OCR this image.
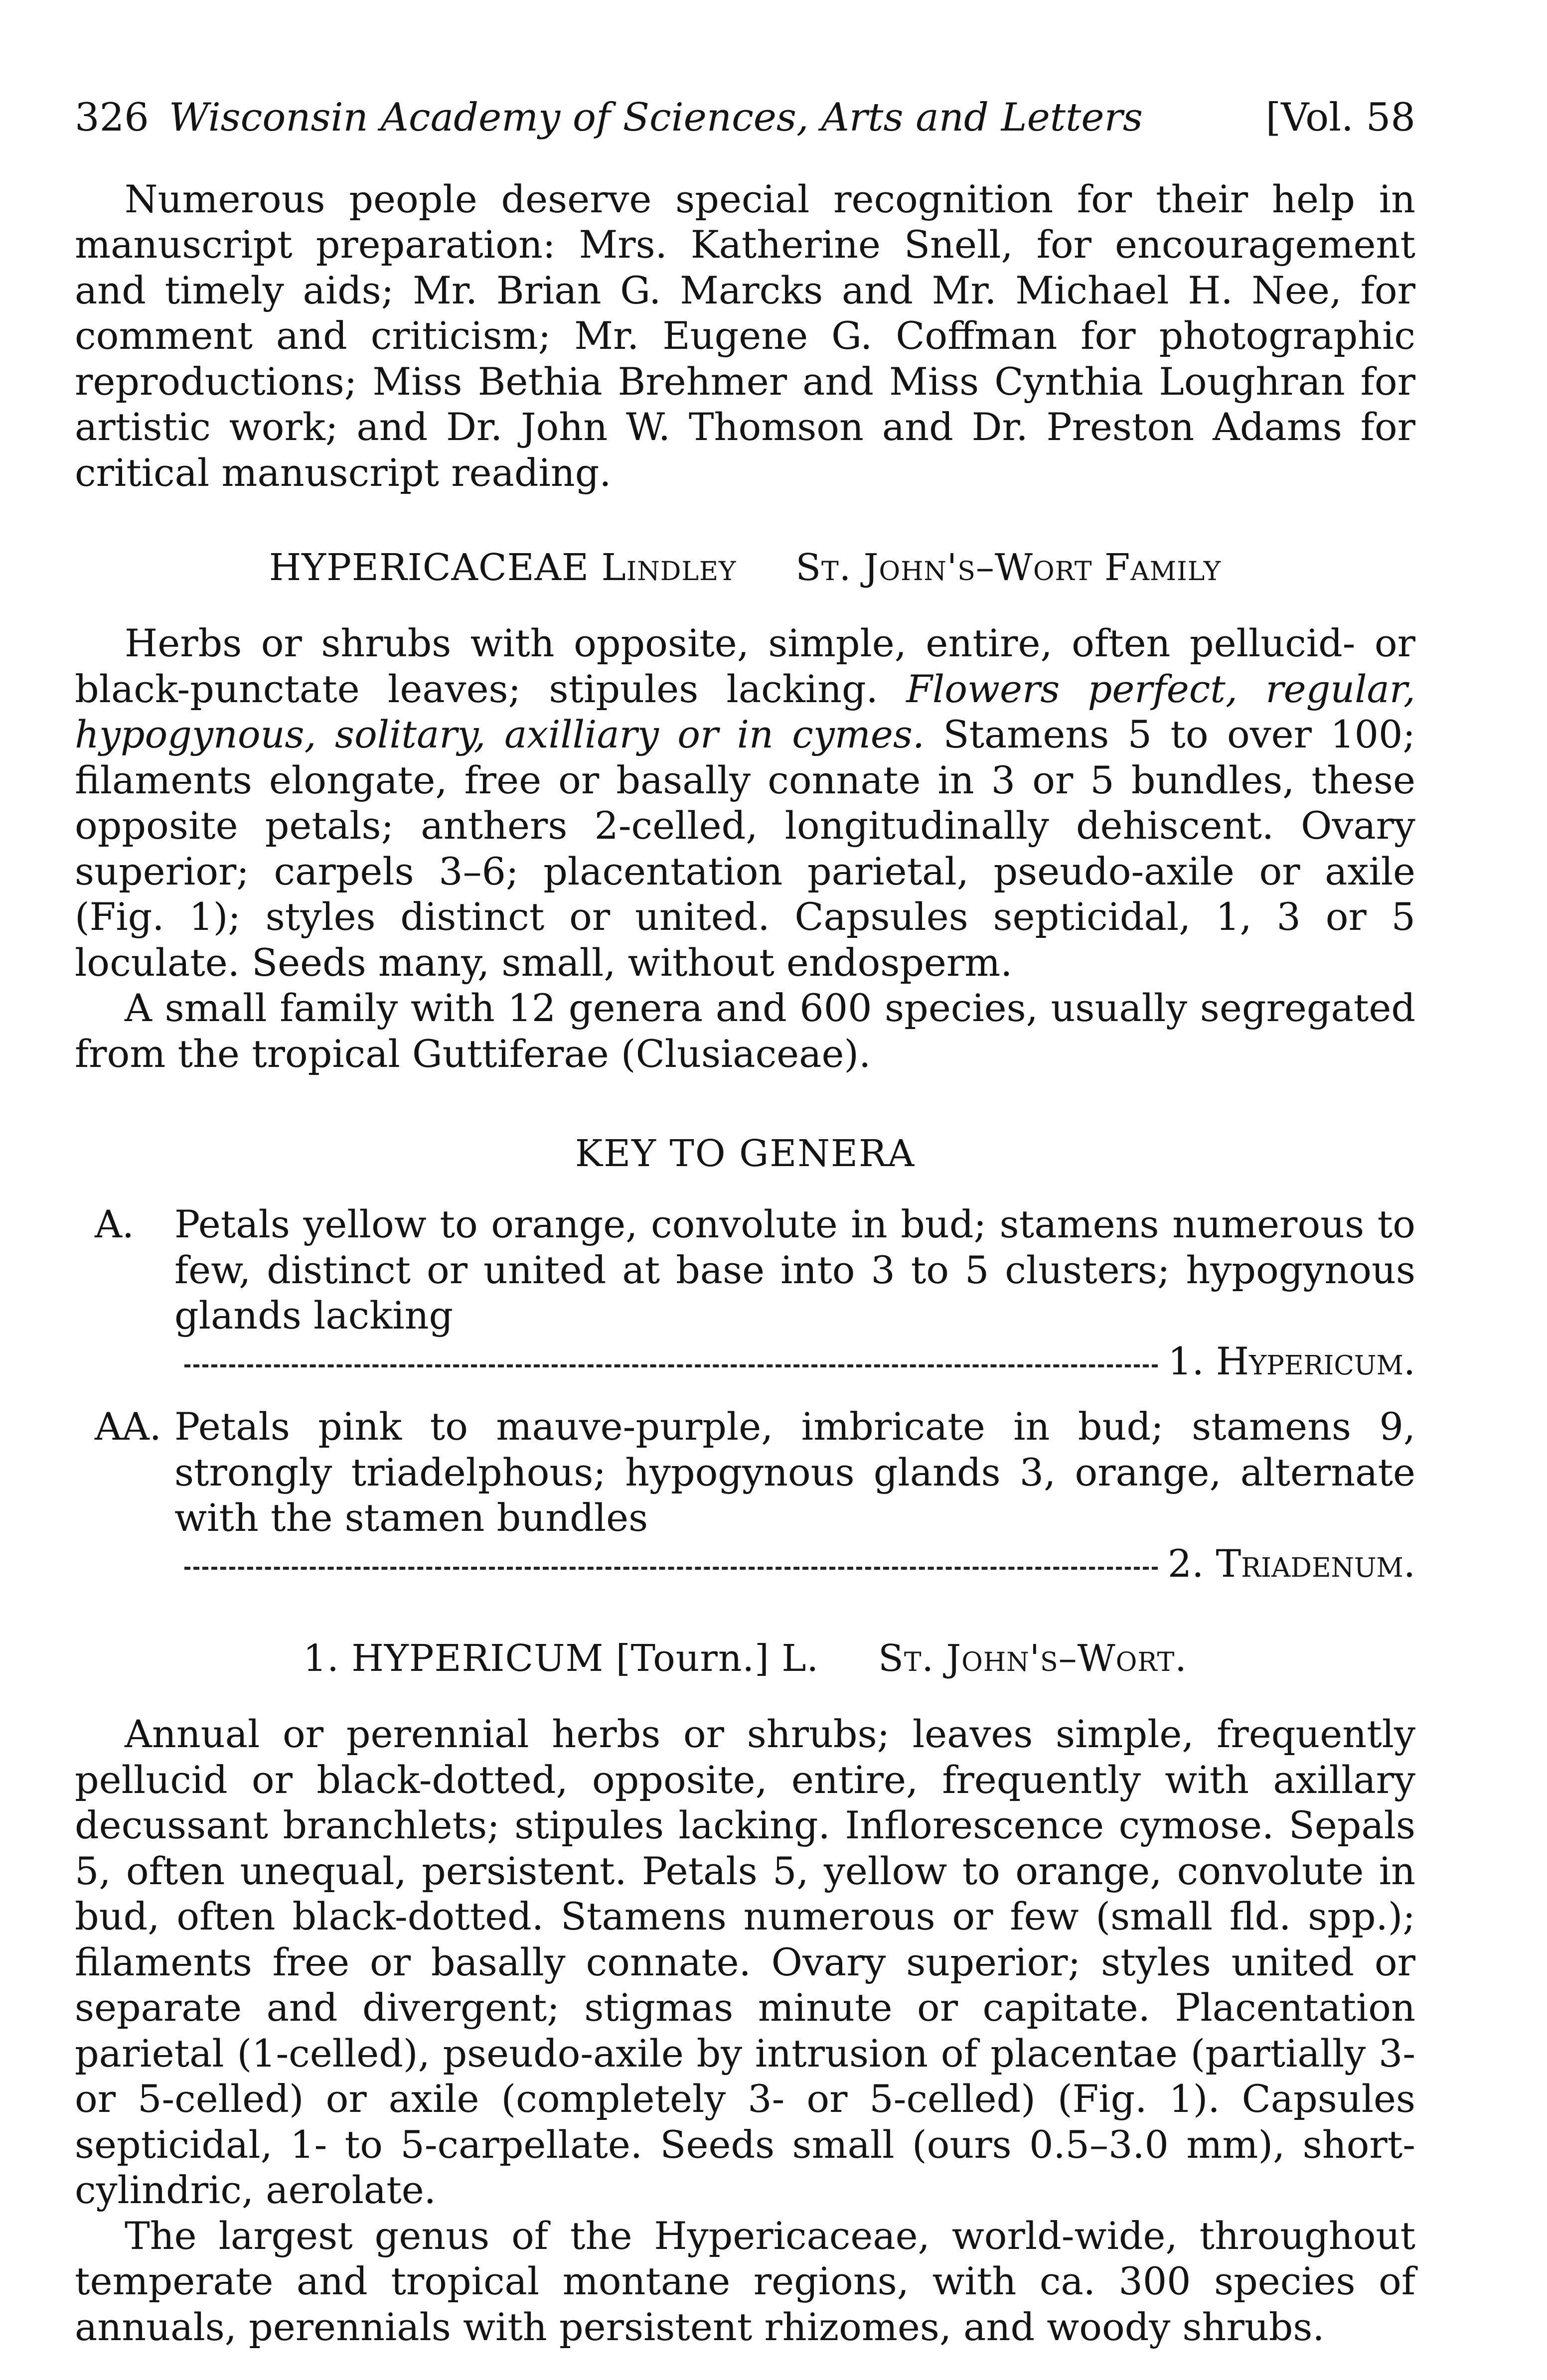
326 Wisconsin Academy of Sciences, Arts and Letters	[Vol. 58

Numerous people deserve special recognition for their help in manuscript preparation: Mrs. Katherine Snell, for encouragement and timely aids; Mr. Brian G. Marcks and Mr. Michael H. Nee, for comment and criticism; Mr. Eugene G. Coffman for photographic reproductions; Miss Bethia Brehmer and Miss Cynthia Loughran for artistic work; and Dr. John W. Thomson and Dr. Preston Adams for critical manuscript reading.

HYPERICACEAE Lindley St. John's–Wort Family

Herbs or shrubs with opposite, simple, entire, often pellucid- or black-punctate leaves; stipules lacking. Flowers perfect, regular, hypogynous, solitary, axilliary or in cymes. Stamens 5 to over 100; filaments elongate, free or basally connate in 3 or 5 bundles, these opposite petals; anthers 2-celled, longitudinally dehiscent. Ovary superior; carpels 3–6; placentation parietal, pseudo-axile or axile (Fig. 1); styles distinct or united. Capsules septicidal, 1, 3 or 5 loculate. Seeds many, small, without endosperm.

A small family with 12 genera and 600 species, usually segregated from the tropical Guttiferae (Clusiaceae).

KEY TO GENERA
A. Petals yellow to orange, convolute in bud; stamens numerous to few, distinct or united at base into 3 to 5 clusters; hypogynous glands lacking
1. Hypericum.
AA. Petals pink to mauve-purple, imbricate in bud; stamens 9, strongly triadelphous; hypogynous glands 3, orange, alternate with the stamen bundles
2. Triadenum.
1. HYPERICUM [Tourn.] L. St. John's–Wort.

Annual or perennial herbs or shrubs; leaves simple, frequently pellucid or black-dotted, opposite, entire, frequently with axillary decussant branchlets; stipules lacking. Inflorescence cymose. Sepals 5, often unequal, persistent. Petals 5, yellow to orange, convolute in bud, often black-dotted. Stamens numerous or few (small fld. spp.); filaments free or basally connate. Ovary superior; styles united or separate and divergent; stigmas minute or capitate. Placentation parietal (1-celled), pseudo-axile by intrusion of placentae (partially 3- or 5-celled) or axile (completely 3- or 5-celled) (Fig. 1). Capsules septicidal, 1- to 5-carpellate. Seeds small (ours 0.5–3.0 mm), short-cylindric, aerolate.

The largest genus of the Hypericaceae, world-wide, throughout temperate and tropical montane regions, with ca. 300 species of annuals, perennials with persistent rhizomes, and woody shrubs.
